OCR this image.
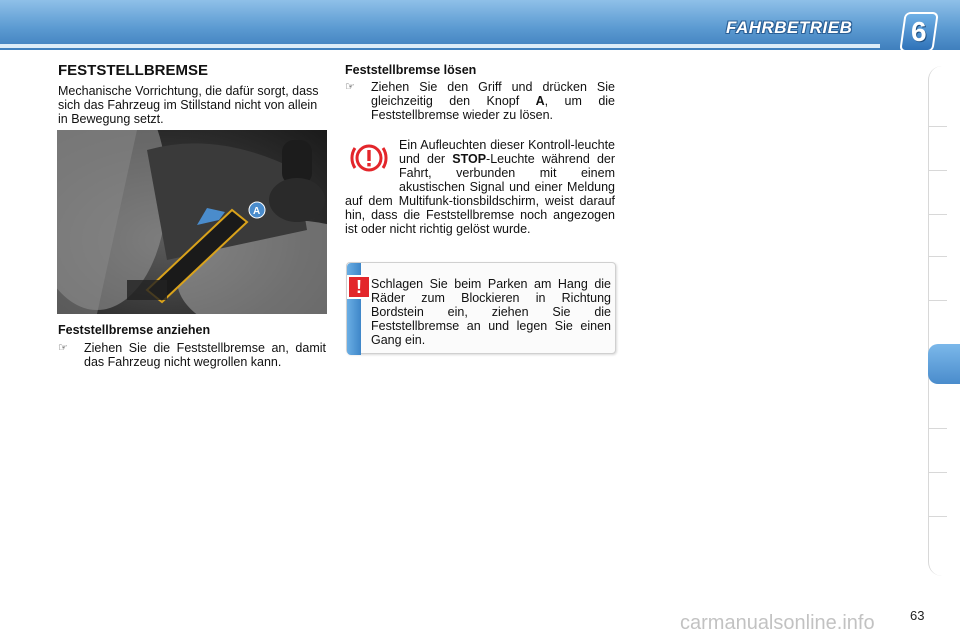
FAHRBETRIEB 6
FESTSTELLBREMSE

Mechanische Vorrichtung, die dafür sorgt, dass sich das Fahrzeug im Stillstand nicht von allein in Bewegung setzt.

A
Feststellbremse anziehen
☞	Ziehen Sie die Feststellbremse an, damit das Fahrzeug nicht wegrollen kann.
Feststellbremse lösen
☞	Ziehen Sie den Griff und drücken Sie gleichzeitig den Knopf A, um die Feststellbremse wieder zu lösen.
Ein Aufleuchten dieser Kontroll-leuchte und der STOP-Leuchte während der Fahrt, verbunden mit einem akustischen Signal und einer Meldung auf dem Multifunk-tionsbildschirm, weist darauf hin, dass die Feststellbremse noch angezogen ist oder nicht richtig gelöst wurde.
! Schlagen Sie beim Parken am Hang die Räder zum Blockieren in Richtung Bordstein ein, ziehen Sie die Feststellbremse an und legen Sie einen Gang ein.

carmanualsonline.info	63
